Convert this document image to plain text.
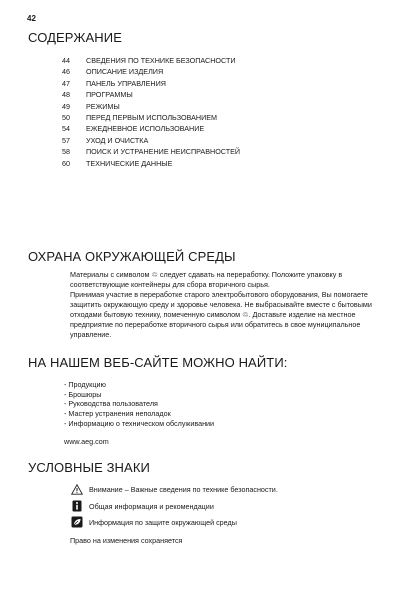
42
СОДЕРЖАНИЕ
44	СВЕДЕНИЯ ПО ТЕХНИКЕ БЕЗОПАСНОСТИ
46	ОПИСАНИЕ ИЗДЕЛИЯ
47	ПАНЕЛЬ УПРАВЛЕНИЯ
48	ПРОГРАММЫ
49	РЕЖИМЫ
50	ПЕРЕД ПЕРВЫМ ИСПОЛЬЗОВАНИЕМ
54	ЕЖЕДНЕВНОЕ ИСПОЛЬЗОВАНИЕ
57	УХОД И ОЧИСТКА
58	ПОИСК И УСТРАНЕНИЕ НЕИСПРАВНОСТЕЙ
60	ТЕХНИЧЕСКИЕ ДАННЫЕ
ОХРАНА ОКРУЖАЮЩЕЙ СРЕДЫ

Материалы с символом ♲ следует сдавать на переработку. Положите упаковку в соответствующие контейнеры для сбора вторичного сырья.

Принимая участие в переработке старого электробытового оборудования, Вы помогаете защитить окружающую среду и здоровье человека. Не выбрасывайте вместе с бытовыми отходами бытовую технику, помеченную символом ♲. Доставьте изделие на местное предприятие по переработке вторичного сырья или обратитесь в свое муниципальное управление.

НА НАШЕМ ВЕБ-САЙТЕ МОЖНО НАЙТИ:
- Продукцию
- Брошюры
- Руководства пользователя
- Мастер устранения неполадок
- Информацию о техническом обслуживании
www.aeg.com
УСЛОВНЫЕ ЗНАКИ
Внимание – Важные сведения по технике безопасности.
Общая информация и рекомендации
Информация по защите окружающей среды
Право на изменения сохраняется
